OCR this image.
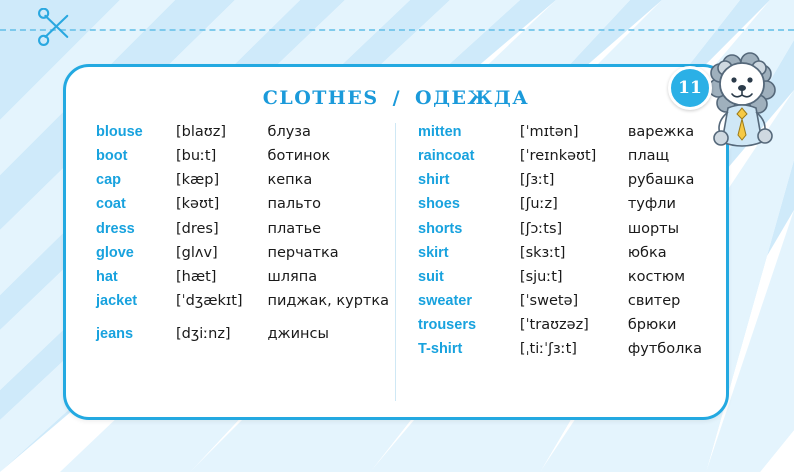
CLOTHES / ОДЕЖДА
blouse	[blaʊz]	блуза
boot	[buːt]	ботинок
cap	[kæp]	кепка
coat	[kəʊt]	пальто
dress	[dres]	платье
glove	[glʌv]	перчатка
hat	[hæt]	шляпа
jacket	[ˈdʒækɪt]	пиджак, куртка
jeans	[dʒiːnz]	джинсы
mitten	[ˈmɪtən]	варежка
raincoat	[ˈreɪnkəʊt]	плащ
shirt	[ʃɜːt]	рубашка
shoes	[ʃuːz]	туфли
shorts	[ʃɔːts]	шорты
skirt	[skɜːt]	юбка
suit	[sjuːt]	костюм
sweater	[ˈswetə]	свитер
trousers	[ˈtraʊzəz]	брюки
T-shirt	[ˌtiːˈʃɜːt]	футболка
11
